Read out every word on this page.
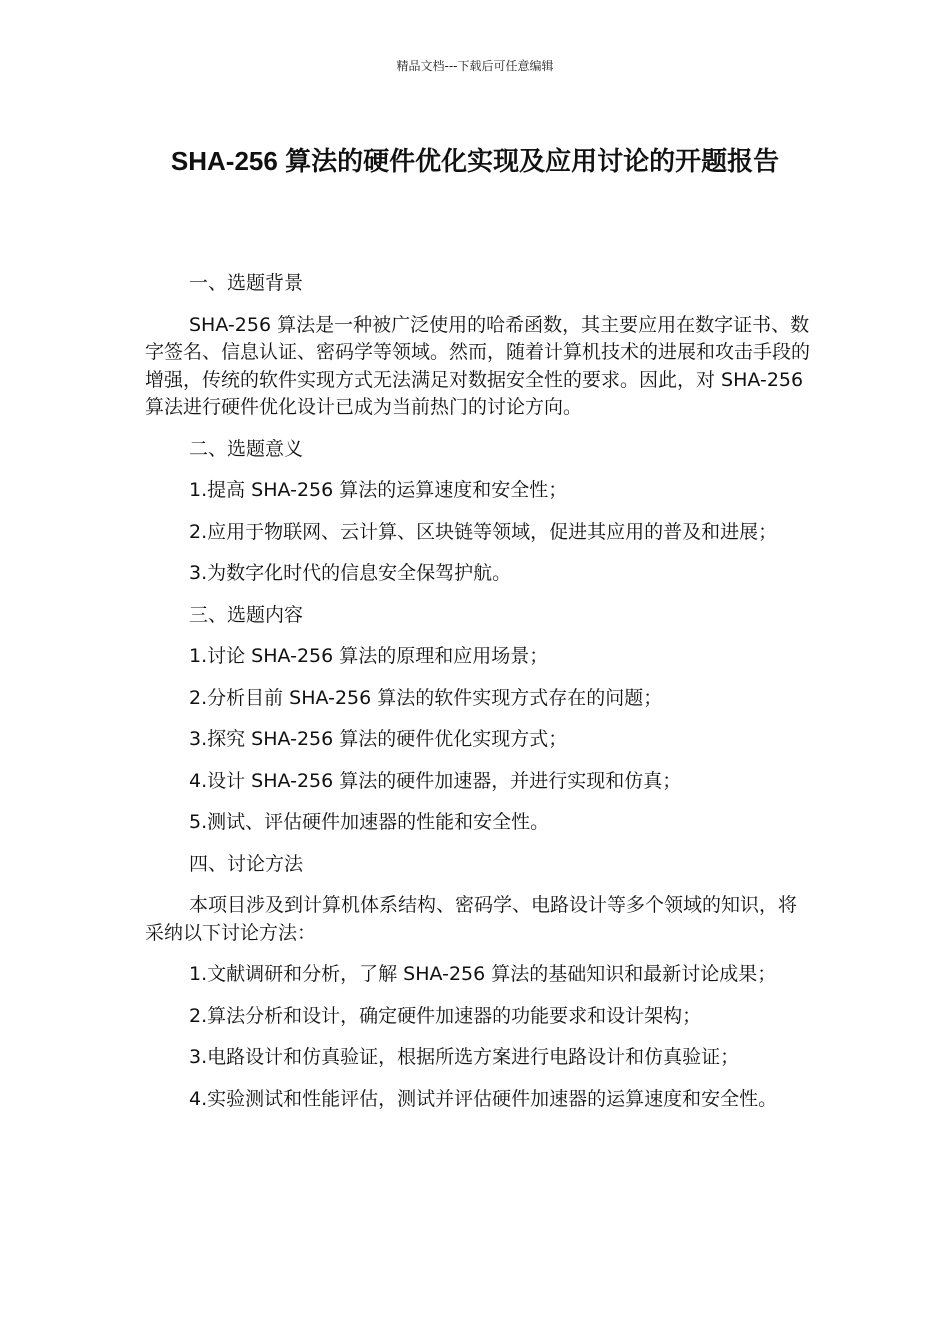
精品文档---下载后可任意编辑
SHA-256 算法的硬件优化实现及应用讨论的开题报告

一、选题背景

SHA-256 算法是一种被广泛使用的哈希函数，其主要应用在数字证书、数字签名、信息认证、密码学等领域。然而，随着计算机技术的进展和攻击手段的增强，传统的软件实现方式无法满足对数据安全性的要求。因此，对 SHA-256 算法进行硬件优化设计已成为当前热门的讨论方向。

二、选题意义

1.提高 SHA-256 算法的运算速度和安全性；

2.应用于物联网、云计算、区块链等领域，促进其应用的普及和进展；

3.为数字化时代的信息安全保驾护航。

三、选题内容

1.讨论 SHA-256 算法的原理和应用场景；

2.分析目前 SHA-256 算法的软件实现方式存在的问题；

3.探究 SHA-256 算法的硬件优化实现方式；

4.设计 SHA-256 算法的硬件加速器，并进行实现和仿真；

5.测试、评估硬件加速器的性能和安全性。

四、讨论方法

本项目涉及到计算机体系结构、密码学、电路设计等多个领域的知识，将采纳以下讨论方法：

1.文献调研和分析，了解 SHA-256 算法的基础知识和最新讨论成果；

2.算法分析和设计，确定硬件加速器的功能要求和设计架构；

3.电路设计和仿真验证，根据所选方案进行电路设计和仿真验证；

4.实验测试和性能评估，测试并评估硬件加速器的运算速度和安全性。
